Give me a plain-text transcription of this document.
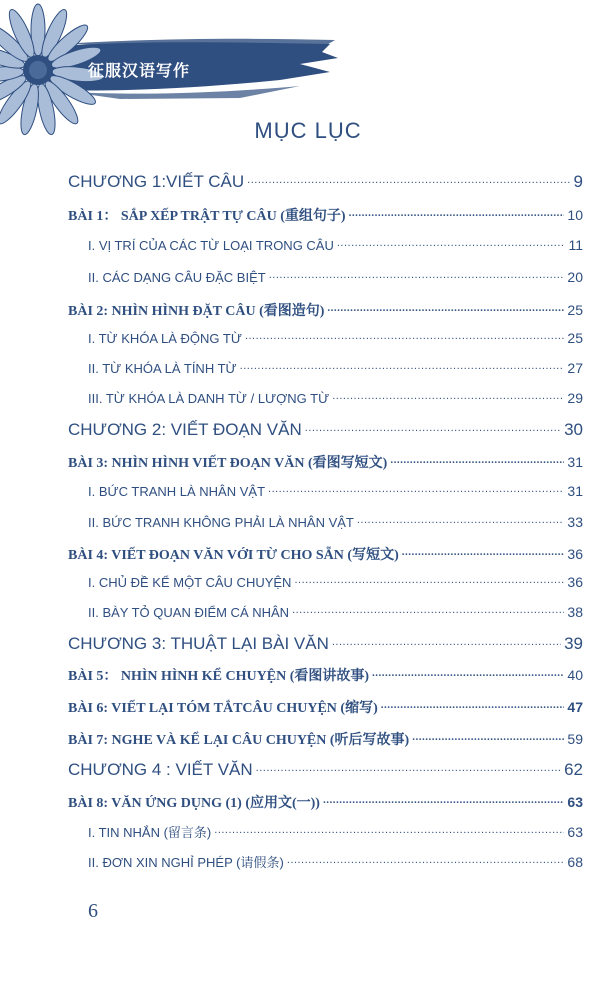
征服汉语写作
MỤC LỤC
CHƯƠNG 1:VIẾT CÂU .....	9
BÀI 1： SẮP XẾP TRẬT TỰ CÂU (重组句子) .....	10
I. VỊ TRÍ CỦA CÁC TỪ LOẠI TRONG CÂU .....	11
II. CÁC DẠNG CÂU ĐẶC BIỆT .....	20
BÀI 2: NHÌN HÌNH ĐẶT CÂU (看图造句) .....	25
I. TỪ KHÓA LÀ ĐỘNG TỪ .....	25
II. TỪ KHÓA LÀ TÍNH TỪ .....	27
III. TỪ KHÓA LÀ DANH TỪ / LƯỢNG TỪ .....	29
CHƯƠNG 2: VIẾT ĐOẠN VĂN .....	30
BÀI 3: NHÌN HÌNH VIẾT ĐOẠN VĂN (看图写短文) .....	31
I. BỨC TRANH LÀ NHÂN VẬT .....	31
II. BỨC TRANH KHÔNG PHẢI LÀ NHÂN VẬT .....	33
BÀI 4: VIẾT ĐOẠN VĂN VỚI TỪ CHO SẴN (写短文) .....	36
I. CHỦ ĐỀ KỂ MỘT CÂU CHUYỆN .....	36
II. BÀY TỎ QUAN ĐIỂM CÁ NHÂN .....	38
CHƯƠNG 3: THUẬT LẠI BÀI VĂN .....	39
BÀI 5： NHÌN HÌNH KỂ CHUYỆN (看图讲故事) .....	40
BÀI 6: VIẾT LẠI TÓM TẮTCÂU CHUYỆN (缩写) .....	47
BÀI 7: NGHE VÀ KỂ LẠI CÂU CHUYỆN (听后写故事) .....	59
CHƯƠNG 4 : VIẾT VĂN .....	62
BÀI 8: VĂN ỨNG DỤNG (1) (应用文(一)) .....	63
I. TIN NHẮN (留言条) .....	63
II. ĐƠN XIN NGHỈ PHÉP (请假条) .....	68
6
